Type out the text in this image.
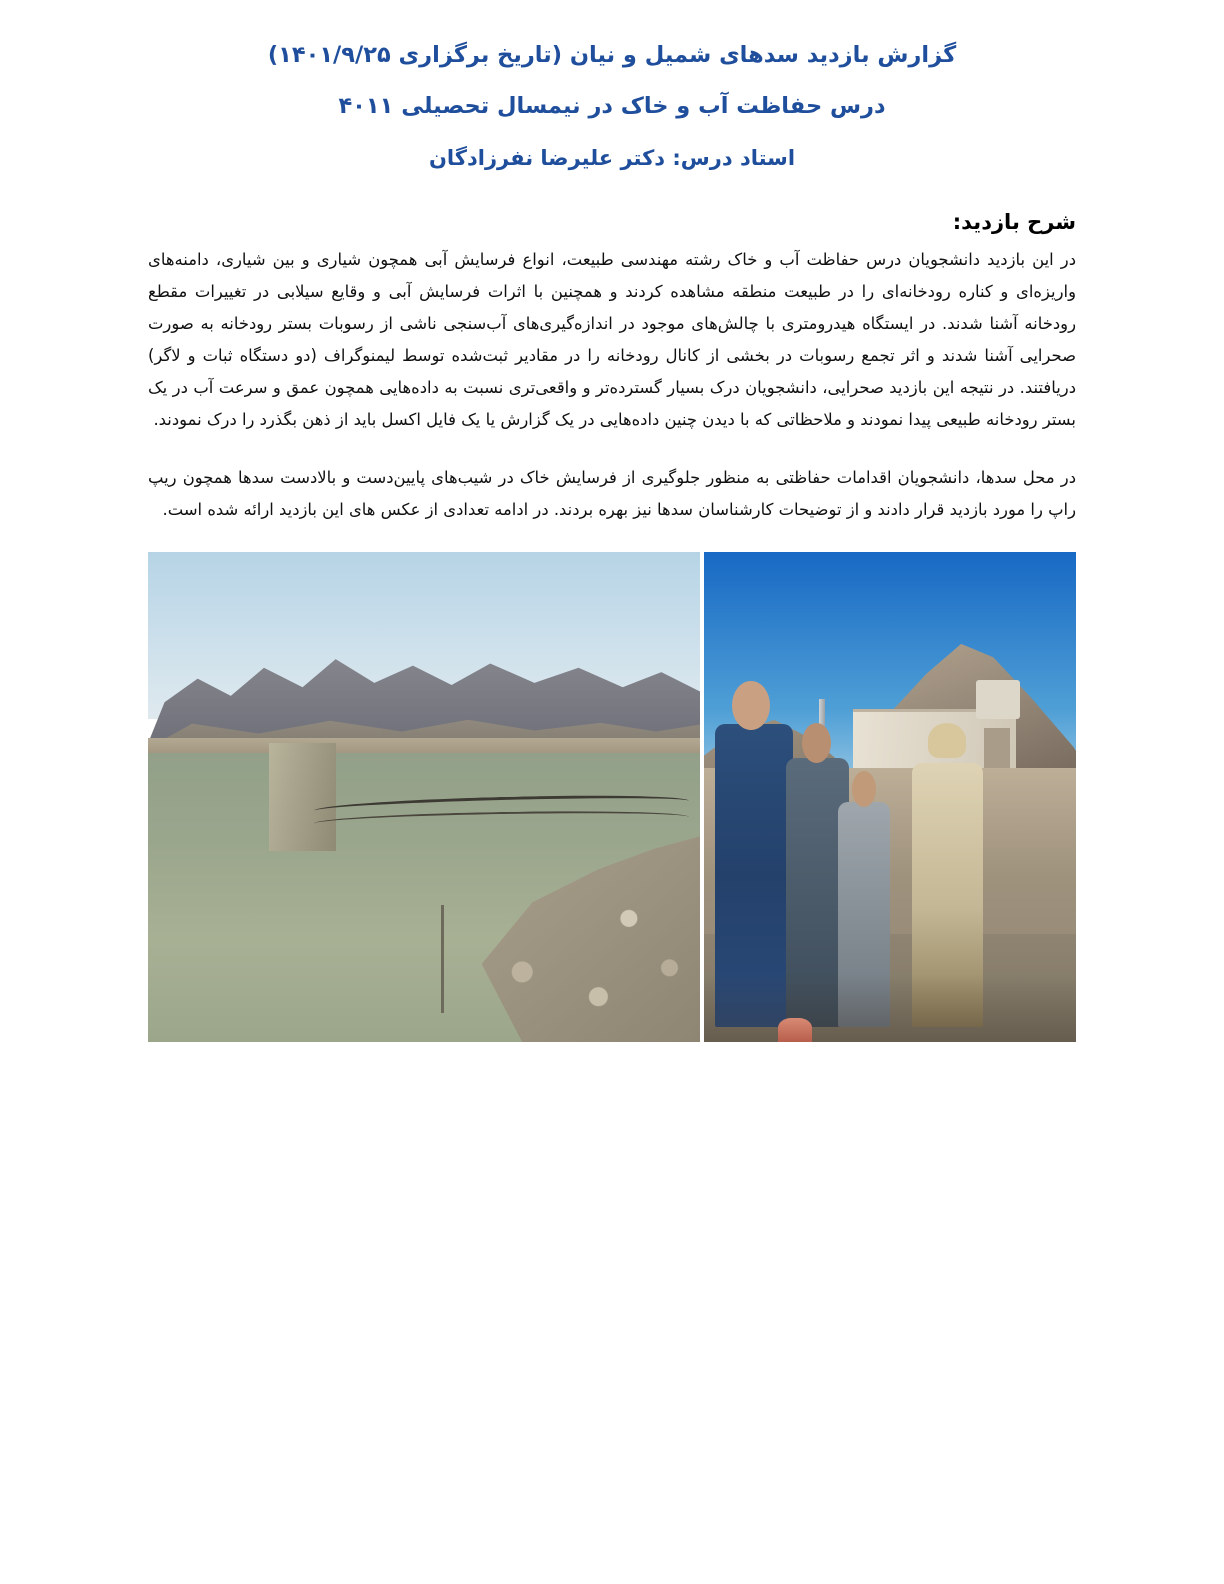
گزارش بازدید سدهای شمیل و نیان (تاریخ برگزاری ۱۴۰۱/۹/۲۵)
درس حفاظت آب و خاک در نیمسال تحصیلی ۴۰۱۱
استاد درس: دکتر علیرضا نفرزادگان
شرح بازدید:

در این بازدید دانشجویان درس حفاظت آب و خاک رشته مهندسی طبیعت، انواع فرسایش آبی همچون شیاری و بین شیاری، دامنه‌های واریزه‌ای و کناره رودخانه‌ای را در طبیعت منطقه مشاهده کردند و همچنین با اثرات فرسایش آبی و وقایع سیلابی در تغییرات مقطع رودخانه آشنا شدند. در ایستگاه هیدرومتری با چالش‌های موجود در اندازه‌گیری‌های آب‌سنجی ناشی از رسوبات بستر رودخانه به صورت صحرایی آشنا شدند و اثر تجمع رسوبات در بخشی از کانال رودخانه را در مقادیر ثبت‌شده توسط لیمنوگراف (دو دستگاه ثبات و لاگر) دریافتند. در نتیجه این بازدید صحرایی، دانشجویان درک بسیار گسترده‌تر و واقعی‌تری نسبت به داده‌هایی همچون عمق و سرعت آب در یک بستر رودخانه طبیعی پیدا نمودند و ملاحظاتی که با دیدن چنین داده‌هایی در یک گزارش یا یک فایل اکسل باید از ذهن بگذرد را درک نمودند.

در محل سدها، دانشجویان اقدامات حفاظتی به منظور جلوگیری از فرسایش خاک در شیب‌های پایین‌دست و بالادست سدها همچون ریپ راپ را مورد بازدید قرار دادند و از توضیحات کارشناسان سدها نیز بهره بردند. در ادامه تعدادی از عکس های این بازدید ارائه شده است.
